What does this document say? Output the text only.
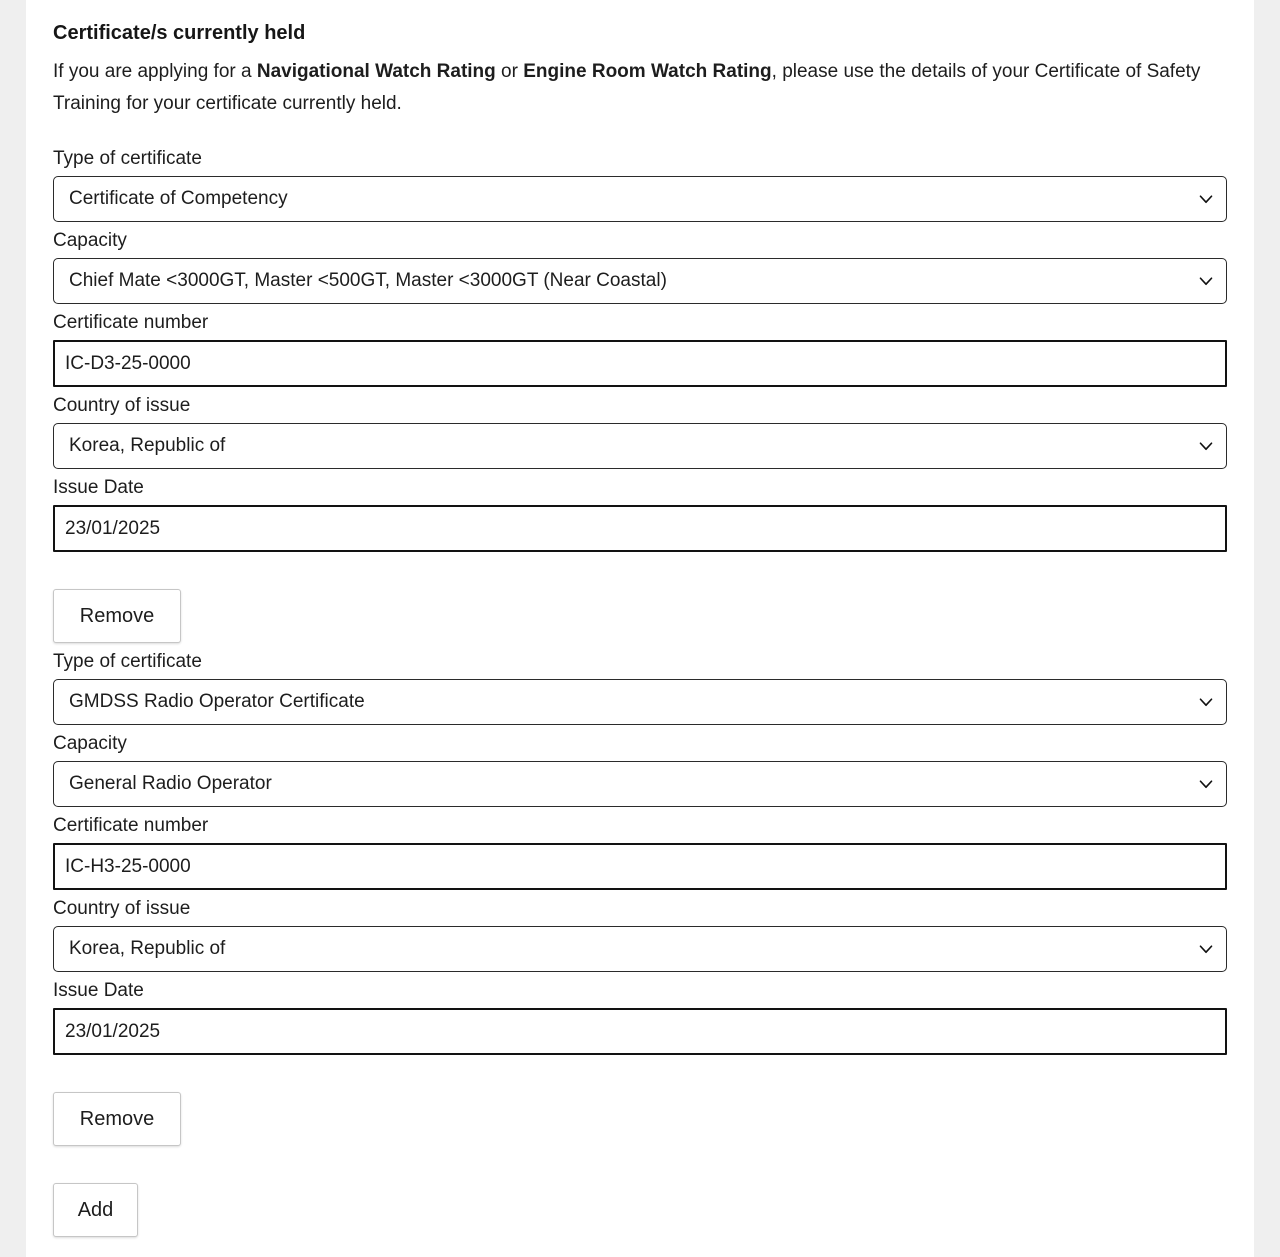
Certificate/s currently held

If you are applying for a Navigational Watch Rating or Engine Room Watch Rating, please use the details of your Certificate of Safety Training for your certificate currently held.

Type of certificate
Certificate of Competency
Capacity
Chief Mate <3000GT, Master <500GT, Master <3000GT (Near Coastal)
Certificate number
IC-D3-25-0000
Country of issue
Korea, Republic of
Issue Date
23/01/2025
Remove
Type of certificate
GMDSS Radio Operator Certificate
Capacity
General Radio Operator
Certificate number
IC-H3-25-0000
Country of issue
Korea, Republic of
Issue Date
23/01/2025
Remove
Add
